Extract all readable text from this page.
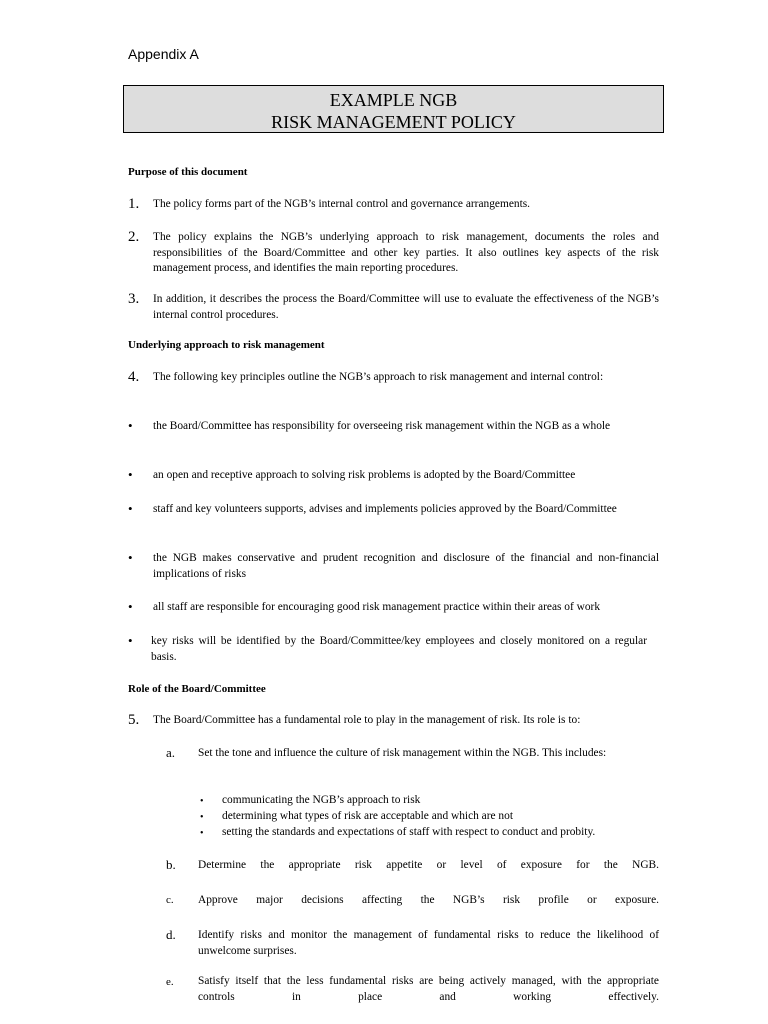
Appendix A
EXAMPLE NGB
RISK MANAGEMENT POLICY
Purpose of this document
1. The policy forms part of the NGB’s internal control and governance arrangements.
2. The policy explains the NGB’s underlying approach to risk management, documents the roles and responsibilities of the Board/Committee and other key parties. It also outlines key aspects of the risk management process, and identifies the main reporting procedures.
3. In addition, it describes the process the Board/Committee will use to evaluate the effectiveness of the NGB’s internal control procedures.
Underlying approach to risk management
4. The following key principles outline the NGB’s approach to risk management and internal control:
• the Board/Committee has responsibility for overseeing risk management within the NGB as a whole
• an open and receptive approach to solving risk problems is adopted by the Board/Committee
• staff and key volunteers supports, advises and implements policies approved by the Board/Committee
• the NGB makes conservative and prudent recognition and disclosure of the financial and non-financial implications of risks
• all staff are responsible for encouraging good risk management practice within their areas of work
• key risks will be identified by the Board/Committee/key employees and closely monitored on a regular basis.
Role of the Board/Committee
5. The Board/Committee has a fundamental role to play in the management of risk. Its role is to:
a. Set the tone and influence the culture of risk management within the NGB. This includes:
• communicating the NGB’s approach to risk
• determining what types of risk are acceptable and which are not
• setting the standards and expectations of staff with respect to conduct and probity.
b. Determine the appropriate risk appetite or level of exposure for the NGB.
c. Approve major decisions affecting the NGB’s risk profile or exposure.
d. Identify risks and monitor the management of fundamental risks to reduce the likelihood of unwelcome surprises.
e. Satisfy itself that the less fundamental risks are being actively managed, with the appropriate controls in place and working effectively.
